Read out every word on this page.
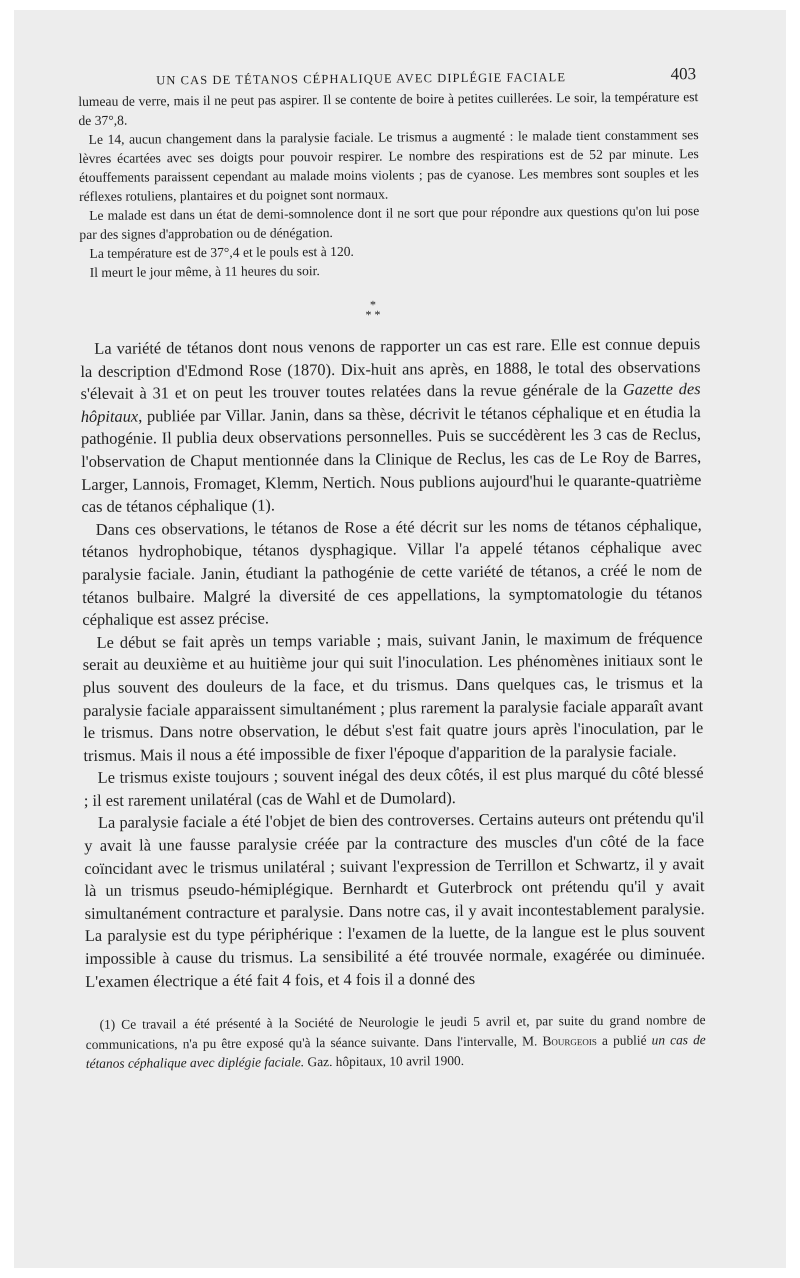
UN CAS DE TÉTANOS CÉPHALIQUE AVEC DIPLÉGIE FACIALE	403

lumeau de verre, mais il ne peut pas aspirer. Il se contente de boire à petites cuillerées. Le soir, la température est de 37°,8.

Le 14, aucun changement dans la paralysie faciale. Le trismus a augmenté : le malade tient constamment ses lèvres écartées avec ses doigts pour pouvoir respirer. Le nombre des respirations est de 52 par minute. Les étouffements paraissent cependant au malade moins violents ; pas de cyanose. Les membres sont souples et les réflexes rotuliens, plantaires et du poignet sont normaux.

Le malade est dans un état de demi-somnolence dont il ne sort que pour répondre aux questions qu'on lui pose par des signes d'approbation ou de dénégation.

La température est de 37°,4 et le pouls est à 120.

Il meurt le jour même, à 11 heures du soir.

*
* *

La variété de tétanos dont nous venons de rapporter un cas est rare. Elle est connue depuis la description d'Edmond Rose (1870). Dix-huit ans après, en 1888, le total des observations s'élevait à 31 et on peut les trouver toutes relatées dans la revue générale de la Gazette des hôpitaux, publiée par Villar. Janin, dans sa thèse, décrivit le tétanos céphalique et en étudia la pathogénie. Il publia deux observations personnelles. Puis se succédèrent les 3 cas de Reclus, l'observation de Chaput mentionnée dans la Clinique de Reclus, les cas de Le Roy de Barres, Larger, Lannois, Fromaget, Klemm, Nertich. Nous publions aujourd'hui le quarante-quatrième cas de tétanos céphalique (1).

Dans ces observations, le tétanos de Rose a été décrit sur les noms de tétanos céphalique, tétanos hydrophobique, tétanos dysphagique. Villar l'a appelé tétanos céphalique avec paralysie faciale. Janin, étudiant la pathogénie de cette variété de tétanos, a créé le nom de tétanos bulbaire. Malgré la diversité de ces appellations, la symptomatologie du tétanos céphalique est assez précise.

Le début se fait après un temps variable ; mais, suivant Janin, le maximum de fréquence serait au deuxième et au huitième jour qui suit l'inoculation. Les phénomènes initiaux sont le plus souvent des douleurs de la face, et du trismus. Dans quelques cas, le trismus et la paralysie faciale apparaissent simultanément ; plus rarement la paralysie faciale apparaît avant le trismus. Dans notre observation, le début s'est fait quatre jours après l'inoculation, par le trismus. Mais il nous a été impossible de fixer l'époque d'apparition de la paralysie faciale.

Le trismus existe toujours ; souvent inégal des deux côtés, il est plus marqué du côté blessé ; il est rarement unilatéral (cas de Wahl et de Dumolard).

La paralysie faciale a été l'objet de bien des controverses. Certains auteurs ont prétendu qu'il y avait là une fausse paralysie créée par la contracture des muscles d'un côté de la face coïncidant avec le trismus unilatéral ; suivant l'expression de Terrillon et Schwartz, il y avait là un trismus pseudo-hémiplégique. Bernhardt et Guterbrock ont prétendu qu'il y avait simultanément contracture et paralysie. Dans notre cas, il y avait incontestablement paralysie. La paralysie est du type périphérique : l'examen de la luette, de la langue est le plus souvent impossible à cause du trismus. La sensibilité a été trouvée normale, exagérée ou diminuée. L'examen électrique a été fait 4 fois, et 4 fois il a donné des

(1) Ce travail a été présenté à la Société de Neurologie le jeudi 5 avril et, par suite du grand nombre de communications, n'a pu être exposé qu'à la séance suivante. Dans l'intervalle, M. Bourgeois a publié un cas de tétanos céphalique avec diplégie faciale. Gaz. hôpitaux, 10 avril 1900.
